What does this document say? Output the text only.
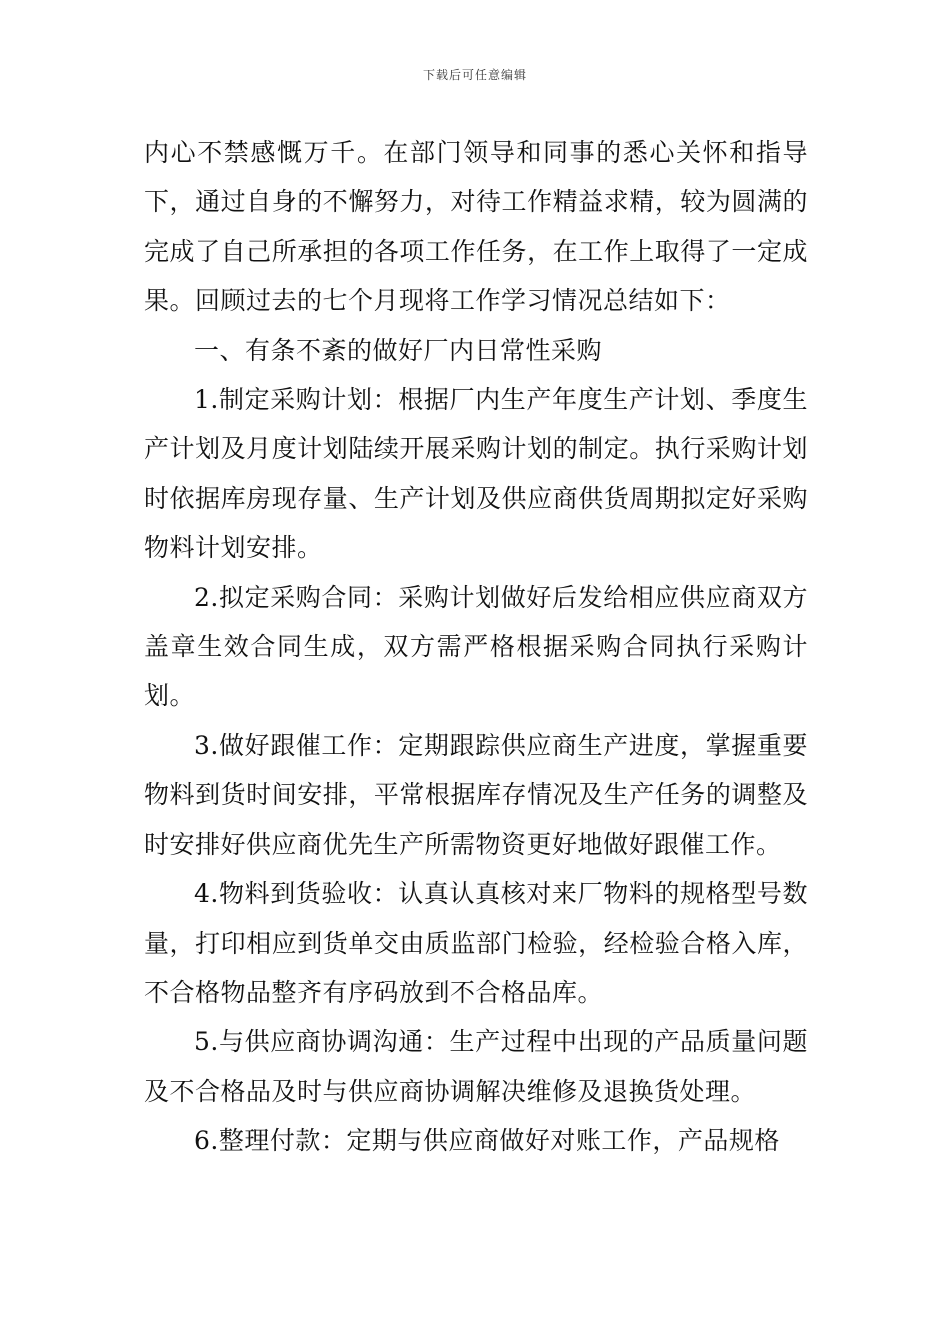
下载后可任意编辑

内心不禁感慨万千。在部门领导和同事的悉心关怀和指导下，通过自身的不懈努力，对待工作精益求精，较为圆满的完成了自己所承担的各项工作任务，在工作上取得了一定成果。回顾过去的七个月现将工作学习情况总结如下：

一、有条不紊的做好厂内日常性采购

1.制定采购计划：根据厂内生产年度生产计划、季度生产计划及月度计划陆续开展采购计划的制定。执行采购计划时依据库房现存量、生产计划及供应商供货周期拟定好采购物料计划安排。

2.拟定采购合同：采购计划做好后发给相应供应商双方盖章生效合同生成，双方需严格根据采购合同执行采购计划。

3.做好跟催工作：定期跟踪供应商生产进度，掌握重要物料到货时间安排，平常根据库存情况及生产任务的调整及时安排好供应商优先生产所需物资更好地做好跟催工作。

4.物料到货验收：认真认真核对来厂物料的规格型号数量，打印相应到货单交由质监部门检验，经检验合格入库，不合格物品整齐有序码放到不合格品库。

5.与供应商协调沟通：生产过程中出现的产品质量问题及不合格品及时与供应商协调解决维修及退换货处理。

6.整理付款：定期与供应商做好对账工作，产品规格
